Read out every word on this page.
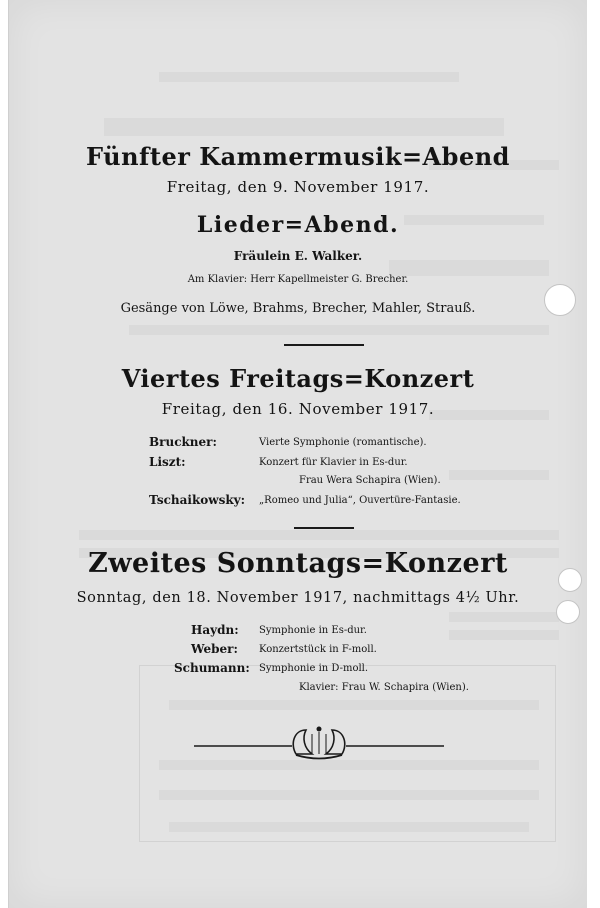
Fünfter Kammermusik=Abend
Freitag, den 9. November 1917.
Lieder=Abend.
Fräulein E. Walker.
Am Klavier: Herr Kapellmeister G. Brecher.
Gesänge von Löwe, Brahms, Brecher, Mahler, Strauß.
Viertes Freitags=Konzert
Freitag, den 16. November 1917.
Bruckner:	Vierte Symphonie (romantische).
Liszt:	Konzert für Klavier in Es-dur.
Frau Wera Schapira (Wien).
Tschaikowsky: „Romeo und Julia“, Ouvertüre-Fantasie.
Zweites Sonntags=Konzert
Sonntag, den 18. November 1917, nachmittags 4½ Uhr.
Haydn: Symphonie in Es-dur.
Weber: Konzertstück in F-moll.
Schumann: Symphonie in D-moll.
Klavier: Frau W. Schapira (Wien).
